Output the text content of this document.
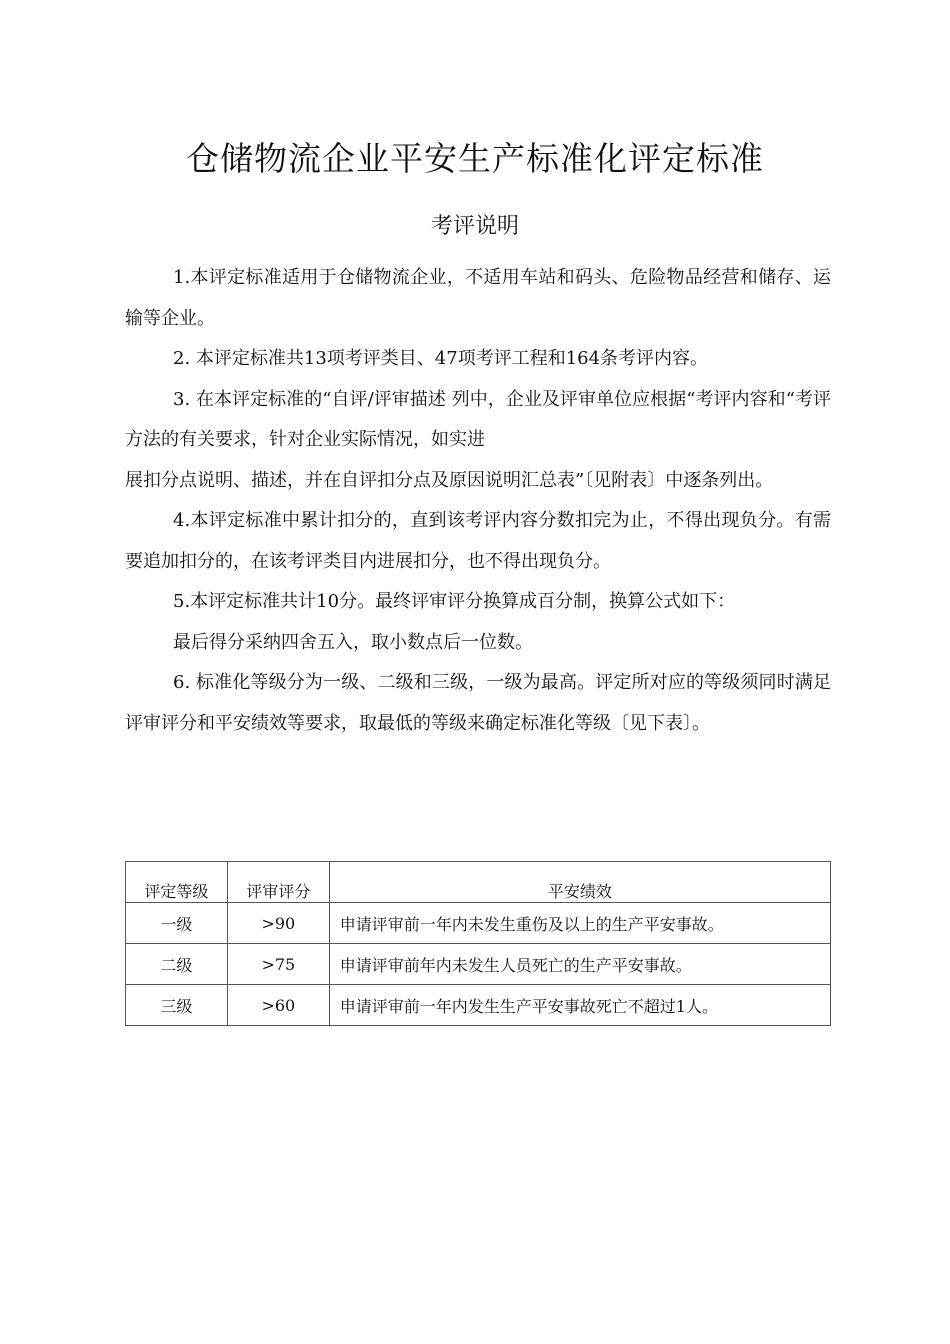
仓储物流企业平安生产标准化评定标准
考评说明

1.本评定标准适用于仓储物流企业，不适用车站和码头、危险物品经营和储存、运输等企业。

2. 本评定标准共13项考评类目、47项考评工程和164条考评内容。

3. 在本评定标准的“自评/评审描述 列中，企业及评审单位应根据“考评内容和“考评方法的有关要求，针对企业实际情况，如实进

展扣分点说明、描述，并在自评扣分点及原因说明汇总表”〔见附表〕中逐条列出。

4.本评定标准中累计扣分的，直到该考评内容分数扣完为止，不得出现负分。有需要追加扣分的，在该考评类目内进展扣分，也不得出现负分。

5.本评定标准共计10分。最终评审评分换算成百分制，换算公式如下：

最后得分采纳四舍五入，取小数点后一位数。

6. 标准化等级分为一级、二级和三级，一级为最高。评定所对应的等级须同时满足评审评分和平安绩效等要求，取最低的等级来确定标准化等级〔见下表〕。

评定等级	评审评分	平安绩效
一级	>90	申请评审前一年内未发生重伤及以上的生产平安事故。
二级	>75	申请评审前年内未发生人员死亡的生产平安事故。
三级	>60	申请评审前一年内发生生产平安事故死亡不超过1人。
